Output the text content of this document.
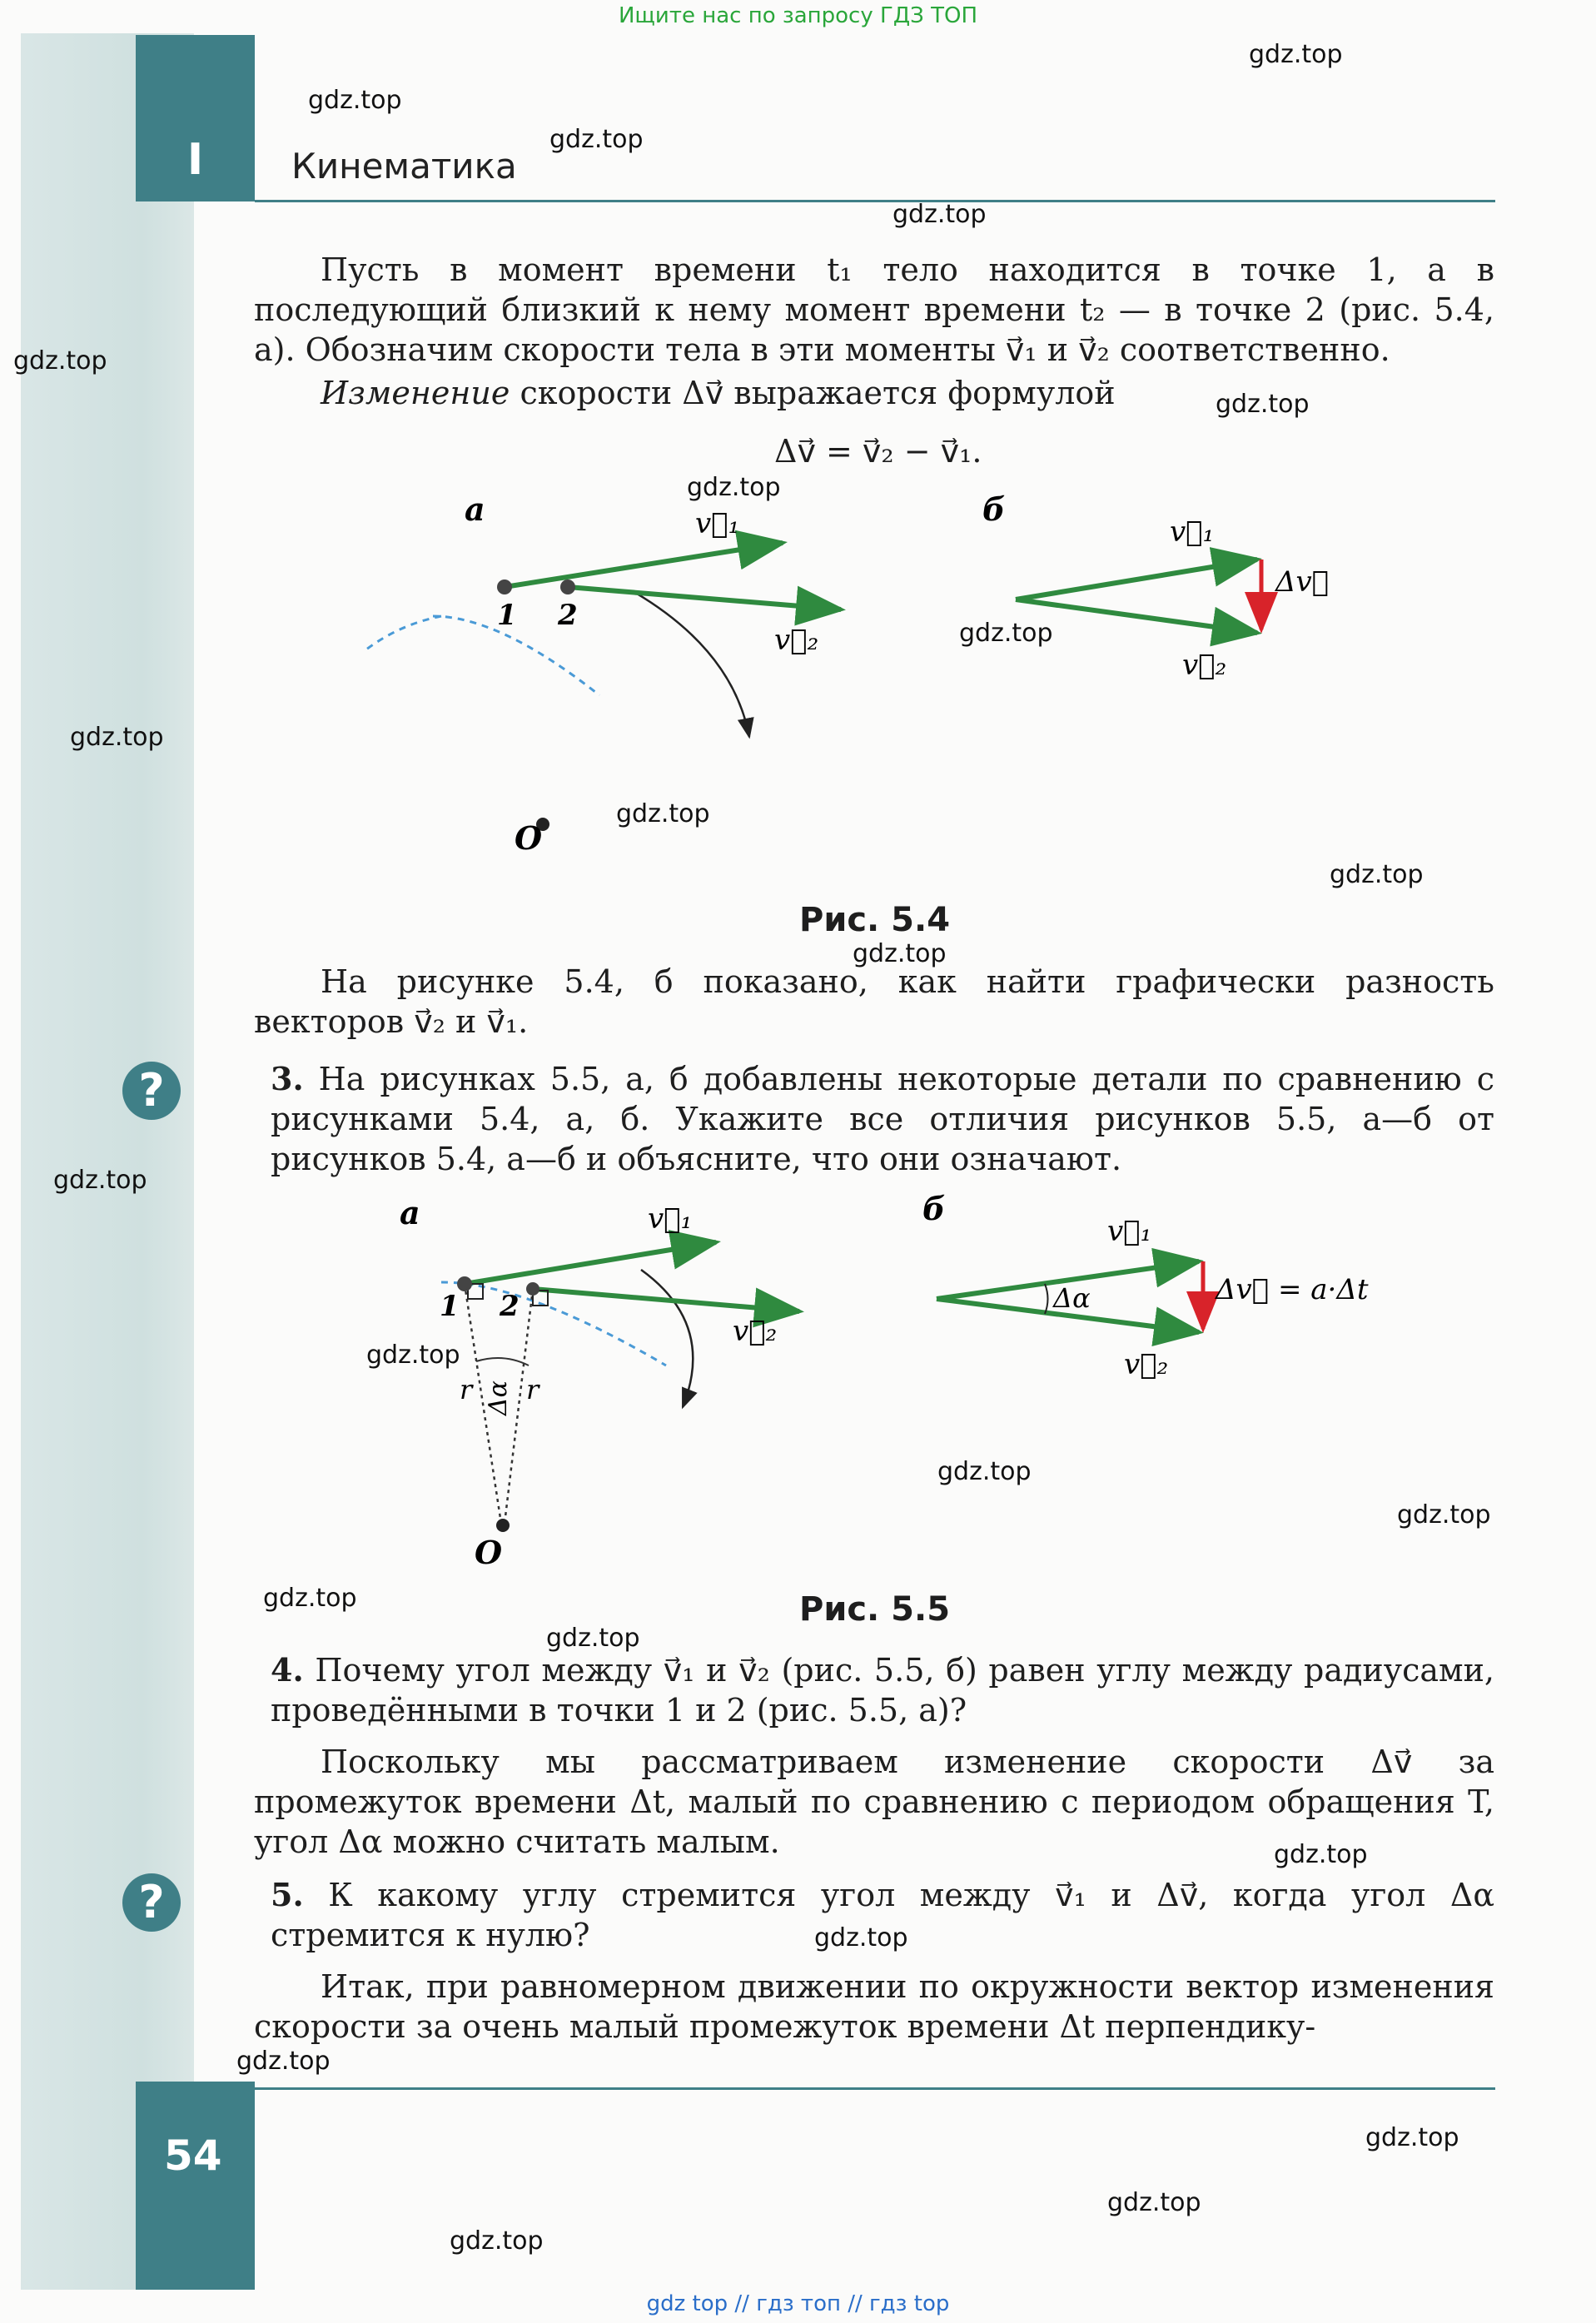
Ищите нас по запросу ГДЗ ТОП
I	Кинематика
gdz.top
gdz.top
gdz.top
gdz.top
gdz.top
gdz.top
gdz.top
gdz.top
gdz.top
gdz.top
gdz.top
gdz.top
gdz.top
gdz.top
gdz.top
gdz.top
gdz.top
gdz.top
gdz.top
gdz.top
gdz.top
gdz.top
gdz.top
gdz.top
Пусть в момент времени t₁ тело находится в точке 1, а в последующий близкий к нему момент времени t₂ — в точке 2 (рис. 5.4, а). Обозначим скорости тела в эти моменты v⃗₁ и v⃗₂ соответственно.
Изменение скорости Δv⃗ выражается формулой
Δv⃗ = v⃗₂ − v⃗₁.
а	v⃗₁
v⃗₂
1 2
O
б
v⃗₁
v⃗₂
Δv⃗
Рис. 5.4
На рисунке 5.4, б показано, как найти графически разность векторов v⃗₂ и v⃗₁.
?	3. На рисунках 5.5, а, б добавлены некоторые детали по сравнению с рисунками 5.4, а, б. Укажите все отличия рисунков 5.5, а—б от рисунков 5.4, а—б и объясните, что они означают.
а	v⃗₁
v⃗₂
1 2
r r
Δα
O
б
v⃗₁
v⃗₂
Δα	Δv⃗ = a·Δt
Рис. 5.5
4. Почему угол между v⃗₁ и v⃗₂ (рис. 5.5, б) равен углу между радиусами, проведёнными в точки 1 и 2 (рис. 5.5, а)?
Поскольку мы рассматриваем изменение скорости Δv⃗ за промежуток времени Δt, малый по сравнению с периодом обращения T, угол Δα можно считать малым.
?	5. К какому углу стремится угол между v⃗₁ и Δv⃗, когда угол Δα стремится к нулю?
Итак, при равномерном движении по окружности вектор изменения скорости за очень малый промежуток времени Δt перпендику-
54
gdz top // гдз топ // гдз top
